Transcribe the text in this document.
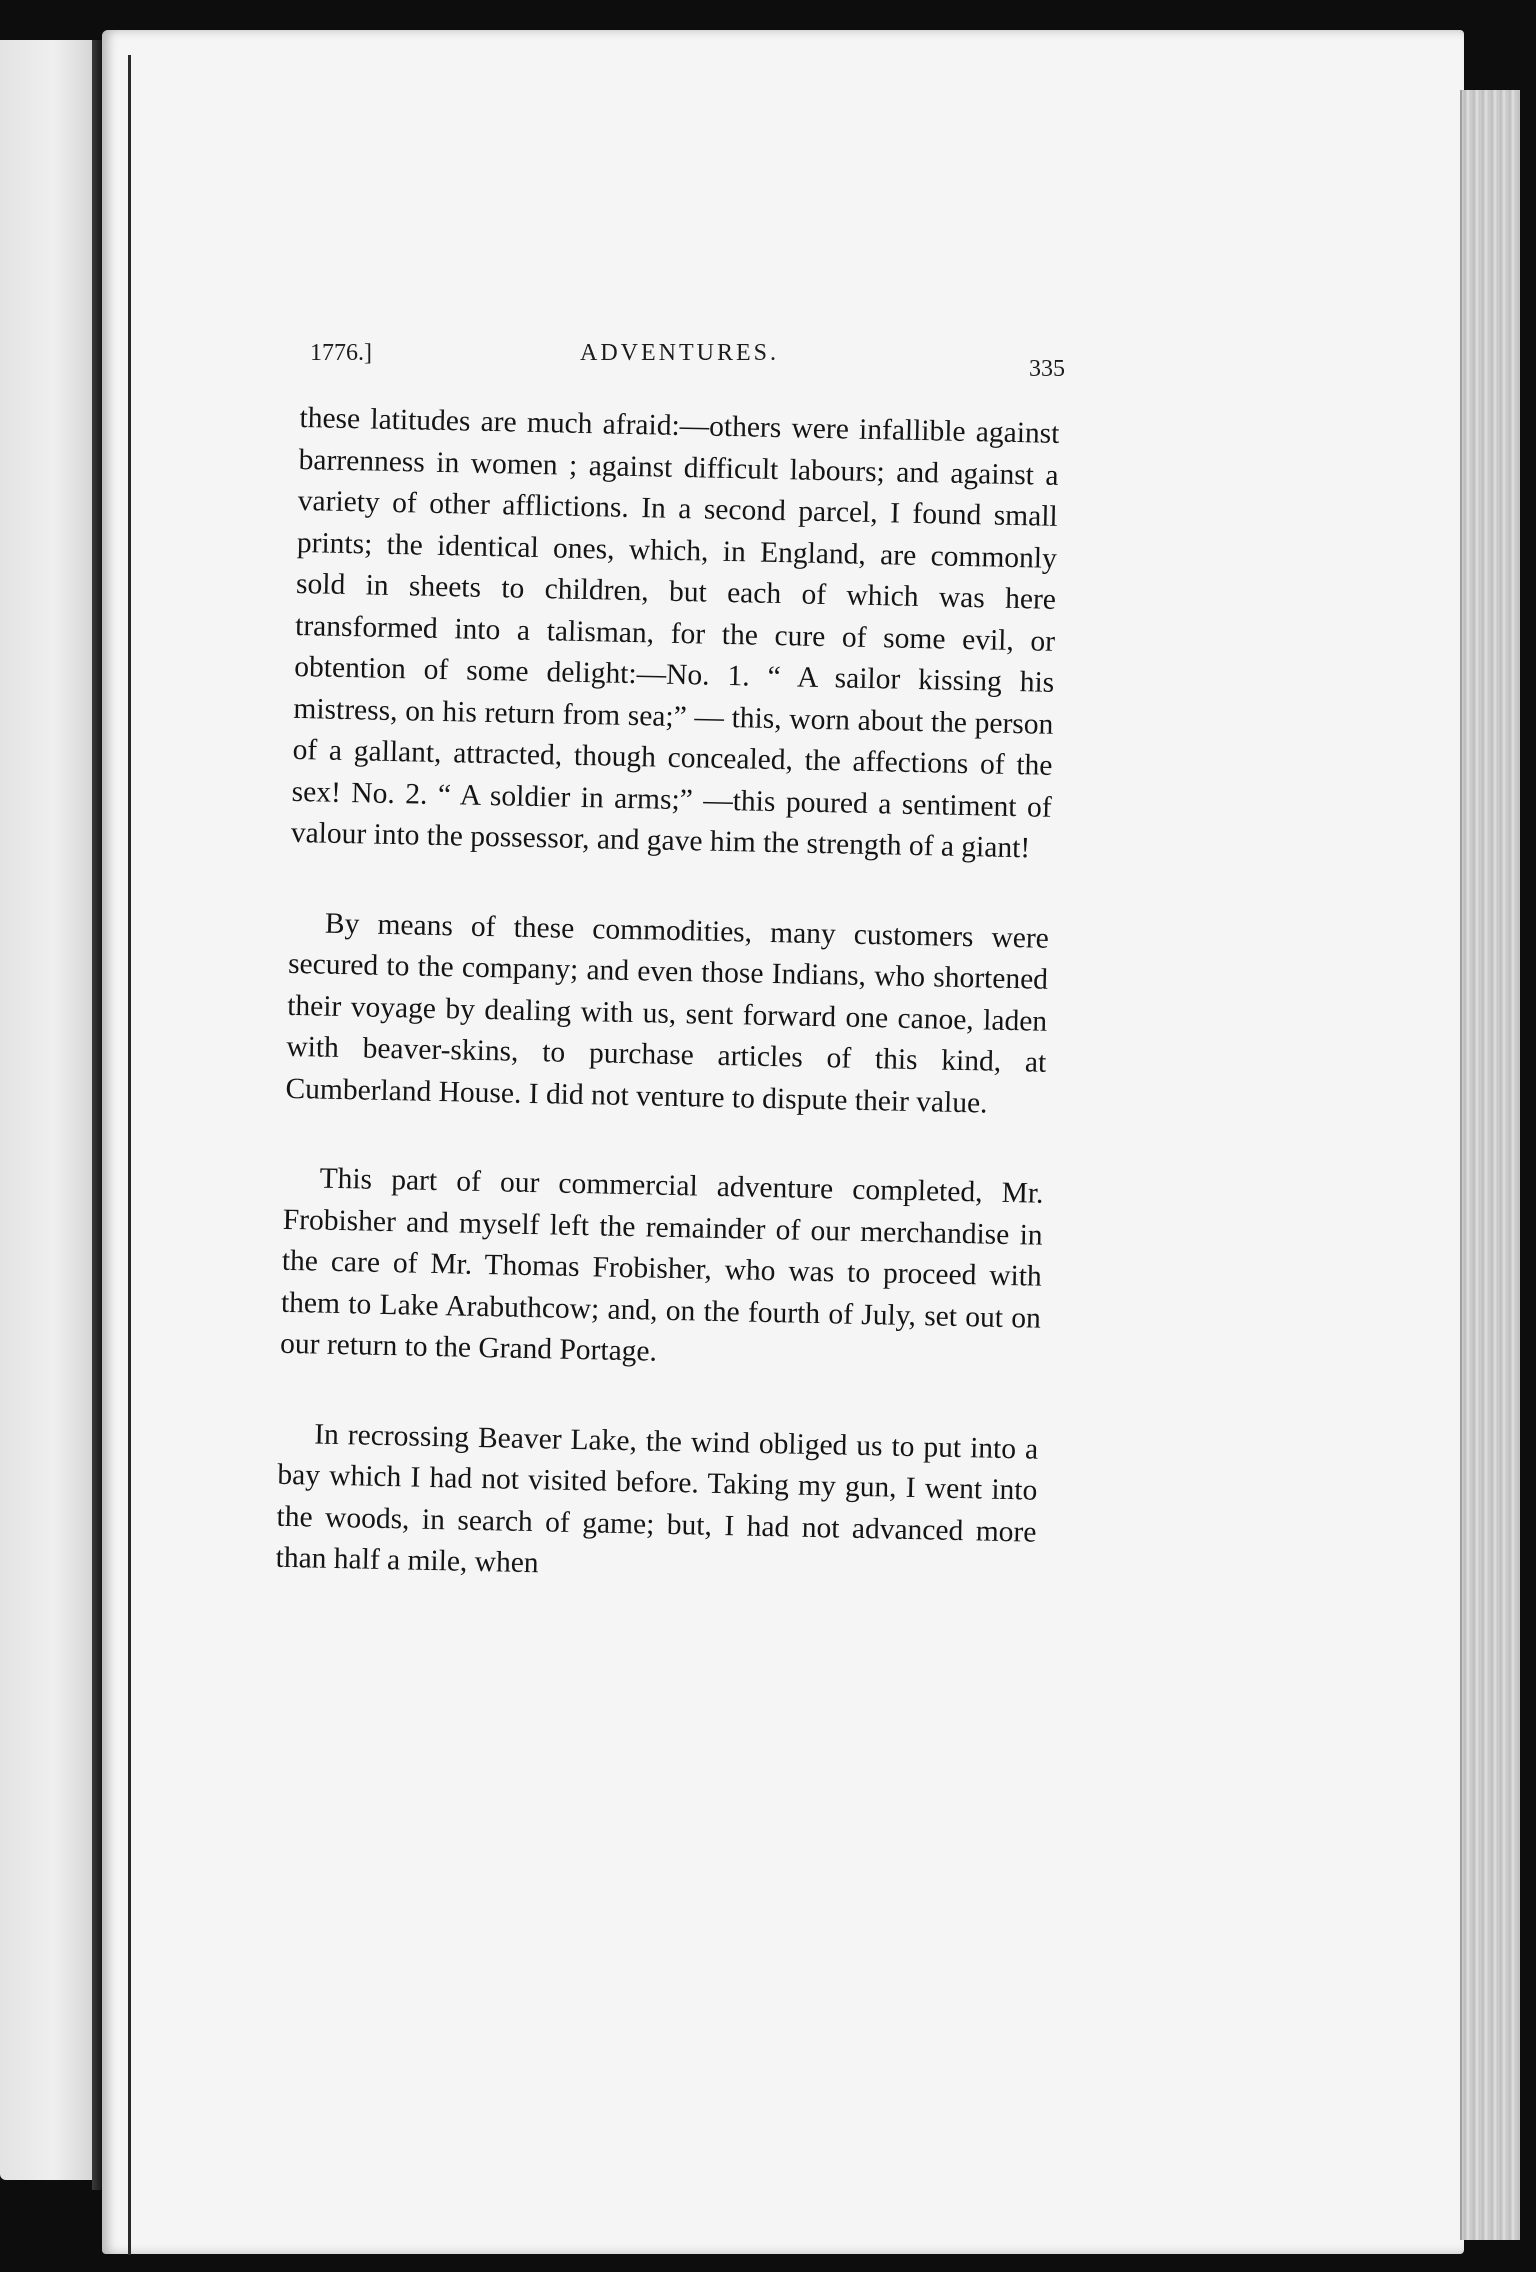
1776.]	ADVENTURES.
335

these latitudes are much afraid:—others were infallible against barrenness in women ; against difficult labours; and against a variety of other afflictions. In a second parcel, I found small prints; the identical ones, which, in England, are commonly sold in sheets to children, but each of which was here transformed into a talisman, for the cure of some evil, or obtention of some delight:—No. 1. “ A sailor kissing his mistress, on his return from sea;” — this, worn about the person of a gallant, attracted, though concealed, the affections of the sex! No. 2. “ A soldier in arms;” —this poured a sentiment of valour into the possessor, and gave him the strength of a giant!

By means of these commodities, many customers were secured to the company; and even those Indians, who shortened their voyage by dealing with us, sent forward one canoe, laden with beaver-skins, to purchase articles of this kind, at Cumberland House. I did not venture to dispute their value.

This part of our commercial adventure completed, Mr. Frobisher and myself left the remainder of our merchandise in the care of Mr. Thomas Frobisher, who was to proceed with them to Lake Arabuthcow; and, on the fourth of July, set out on our return to the Grand Portage.

In recrossing Beaver Lake, the wind obliged us to put into a bay which I had not visited before. Taking my gun, I went into the woods, in search of game; but, I had not advanced more than half a mile, when
